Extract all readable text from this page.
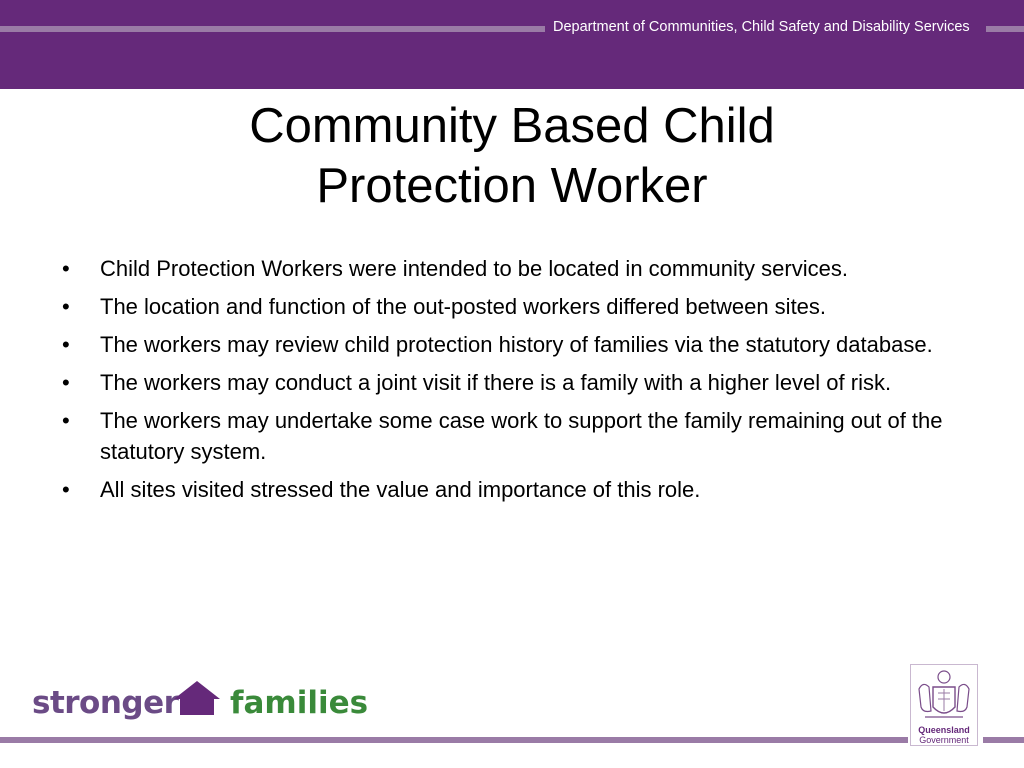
Department of Communities, Child Safety and Disability Services
Community Based Child
Protection Worker
•	Child Protection Workers were intended to be located in community services.
•	The location and function of the out-posted workers differed between sites.
•	The workers may review child protection history of families via the statutory database.
•	The workers may conduct a joint visit if there is a family with a higher level of risk.
•	The workers may undertake some case work to support the family remaining out of the statutory system.
•	All sites visited stressed the value and importance of this role.
stronger families
Queensland
Government
